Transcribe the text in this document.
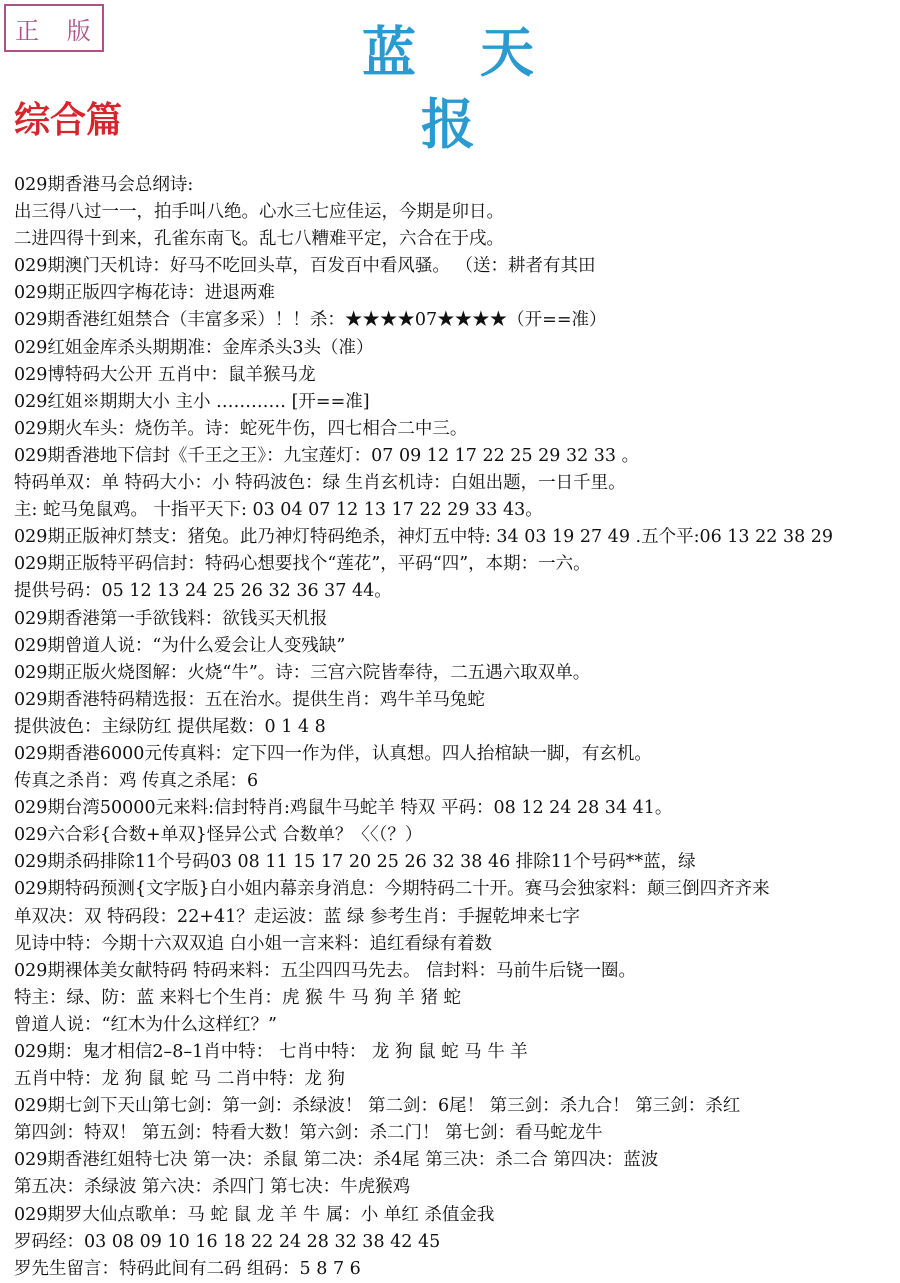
正 版	蓝天报
综合篇
029期香港马会总纲诗:
出三得八过一一，拍手叫八绝。心水三七应佳运，今期是卯日。
二进四得十到来，孔雀东南飞。乱七八糟难平定，六合在于戌。
029期澳门天机诗：好马不吃回头草，百发百中看风骚。 （送：耕者有其田
029期正版四字梅花诗：进退两难
029期香港红姐禁合（丰富多采）！！杀：★★★★07★★★★（开==准）
029红姐金库杀头期期准：金库杀头3头（准）
029博特码大公开 五肖中：鼠羊猴马龙
029红姐※期期大小 主小 ………… [开==准]
029期火车头：烧伤羊。诗：蛇死牛伤，四七相合二中三。
029期香港地下信封《千王之王》：九宝莲灯：07 09 12 17 22 25 29 32 33 。
特码单双：单 特码大小：小 特码波色：绿 生肖玄机诗：白姐出题，一日千里。
主: 蛇马兔鼠鸡。 十指平天下: 03 04 07 12 13 17 22 29 33 43。
029期正版神灯禁支：猪兔。此乃神灯特码绝杀，神灯五中特: 34 03 19 27 49 .五个平:06 13 22 38 29
029期正版特平码信封：特码心想要找个“莲花”，平码“四”，本期：一六。
提供号码：05 12 13 24 25 26 32 36 37 44。
029期香港第一手欲钱料：欲钱买天机报
029期曾道人说：“为什么爱会让人变残缺”
029期正版火烧图解：火烧“牛”。诗：三宫六院皆奉待，二五遇六取双单。
029期香港特码精选报：五在治水。提供生肖：鸡牛羊马兔蛇
提供波色：主绿防红 提供尾数：0 1 4 8
029期香港6000元传真料：定下四一作为伴，认真想。四人抬棺缺一脚，有玄机。
传真之杀肖：鸡 传真之杀尾：6
029期台湾50000元来料:信封特肖:鸡鼠牛马蛇羊 特双 平码：08 12 24 28 34 41。
029六合彩{合数+单双}怪异公式 合数单？〈〈（？）
029期杀码排除11个号码03 08 11 15 17 20 25 26 32 38 46 排除11个号码**蓝，绿
029期特码预测{文字版}白小姐内幕亲身消息：今期特码二十开。赛马会独家料：颠三倒四齐齐来
单双决：双 特码段：22+41？走运波：蓝 绿 参考生肖：手握乾坤来七字
见诗中特：今期十六双双追 白小姐一言来料：追红看绿有着数
029期裸体美女献特码 特码来料：五尘四四马先去。 信封料：马前牛后铙一圈。
特主：绿、防：蓝 来料七个生肖：虎 猴 牛 马 狗 羊 猪 蛇
曾道人说：“红木为什么这样红？”
029期：鬼才相信2–8–1肖中特： 七肖中特： 龙 狗 鼠 蛇 马 牛 羊
五肖中特：龙 狗 鼠 蛇 马 二肖中特：龙 狗
029期七剑下天山第七剑：第一剑：杀绿波！ 第二剑：6尾！ 第三剑：杀九合！ 第三剑：杀红
第四剑：特双！ 第五剑：特看大数！第六剑：杀二门！ 第七剑：看马蛇龙牛
029期香港红姐特七决 第一决：杀鼠 第二决：杀4尾 第三决：杀二合 第四决：蓝波
第五决：杀绿波 第六决：杀四门 第七决：牛虎猴鸡
029期罗大仙点歌单：马 蛇 鼠 龙 羊 牛 属：小 单红 杀值金我
罗码经：03 08 09 10 16 18 22 24 28 32 38 42 45
罗先生留言：特码此间有二码 组码：5 8 7 6
